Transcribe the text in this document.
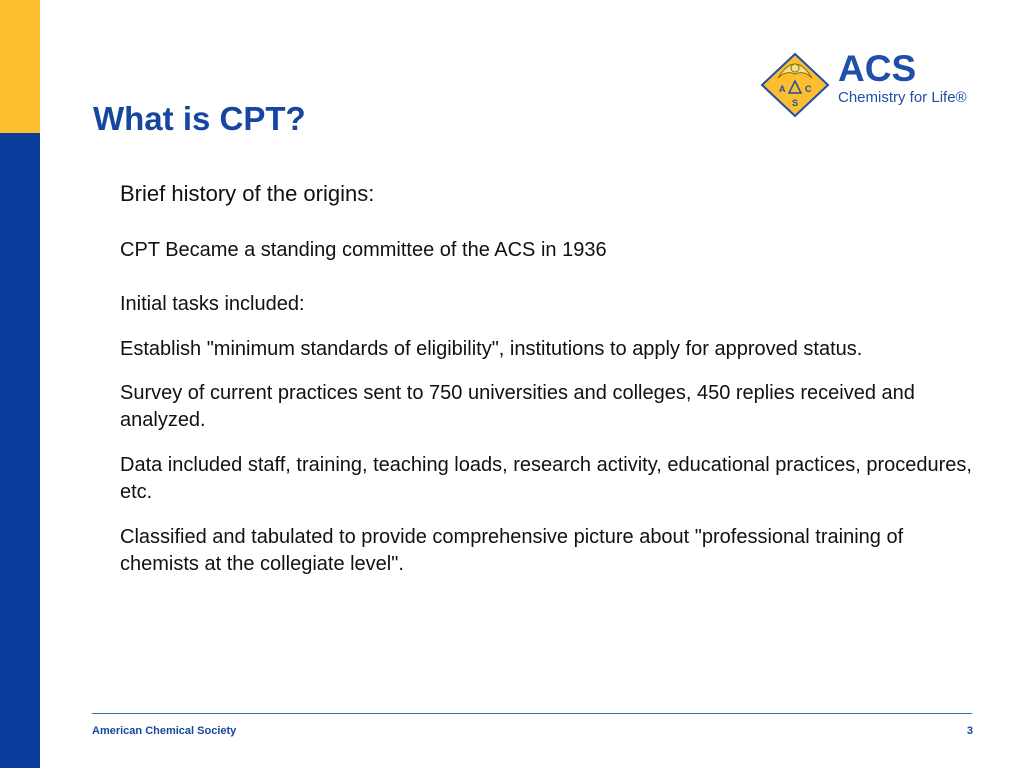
What is CPT?
A C
S
ACS
Chemistry for Life®

Brief history of the origins:

CPT Became a standing committee of the ACS in 1936

Initial tasks included:

Establish "minimum standards of eligibility", institutions to apply for approved status.

Survey of current practices sent to 750 universities and colleges, 450 replies received and analyzed.

Data included staff, training, teaching loads, research activity, educational practices, procedures, etc.

Classified and tabulated to provide comprehensive picture about "professional training of chemists at the collegiate level".

American Chemical Society	3
